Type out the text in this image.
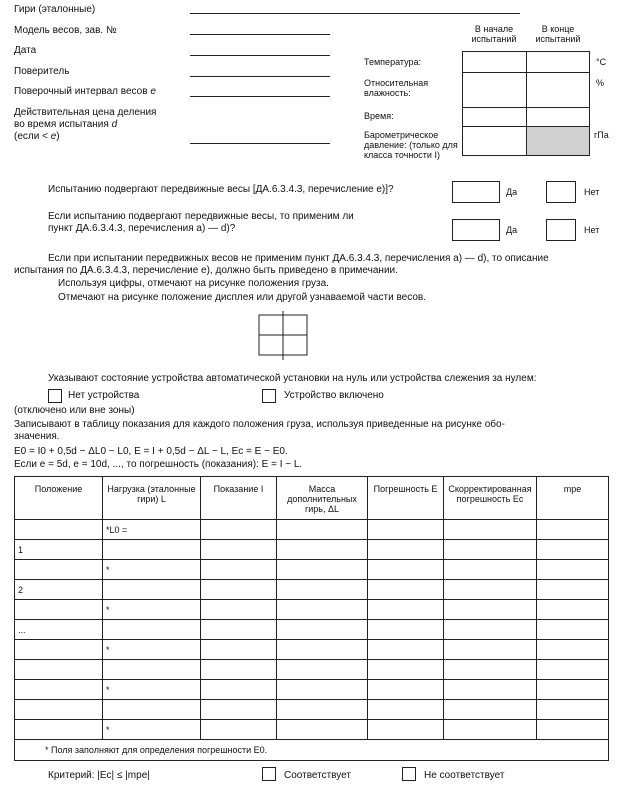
Гири (эталонные)
Модель весов, зав. №
Дата
Поверитель
Поверочный интервал весов e
Действительная цена деления
во время испытания d
(если < e)
В начале испытаний
В конце испытаний
Температура:
Относительная влажность:
Время:
Барометрическое давление: (только для класса точности I)
°С
%
гПа
Испытанию подвергают передвижные весы [ДА.6.3.4.3, перечисление е)]?	Да	Нет
Если испытанию подвергают передвижные весы, то применим ли
пункт ДА.6.3.4.3, перечисления а) — d)?	Да	Нет
Если при испытании передвижных весов не применим пункт ДА.6.3.4.3, перечисления а) — d), то описание
испытания по ДА.6.3.4.3, перечисление е), должно быть приведено в примечании.
Используя цифры, отмечают на рисунке положения груза.
Отмечают на рисунке положение дисплея или другой узнаваемой части весов.
Указывают состояние устройства автоматической установки на нуль или устройства слежения за нулем:
Нет устройства	Устройство включено
(отключено или вне зоны)
Записывают в таблицу показания для каждого положения груза, используя приведенные на рисунке обо-
значения.
E0 = I0 + 0,5d − ΔL0 − L0, E = I + 0,5d − ΔL − L, Ec = E − E0.
Если e = 5d, e = 10d, ..., то погрешность (показания): E = I − L.
Положение	Нагрузка (эталонные гири) L	Показание I	Масса дополнительных гирь, ΔL	Погрешность E	Скорректированная погрешность Ec	mpe
	*L0 =					
1						
	*					
2						
	*					
...						
	*					

	*					

	*					
* Поля заполняют для определения погрешности E0.						
Критерий: |Ec| ≤ |mpe|	Соответствует	Не соответствует
